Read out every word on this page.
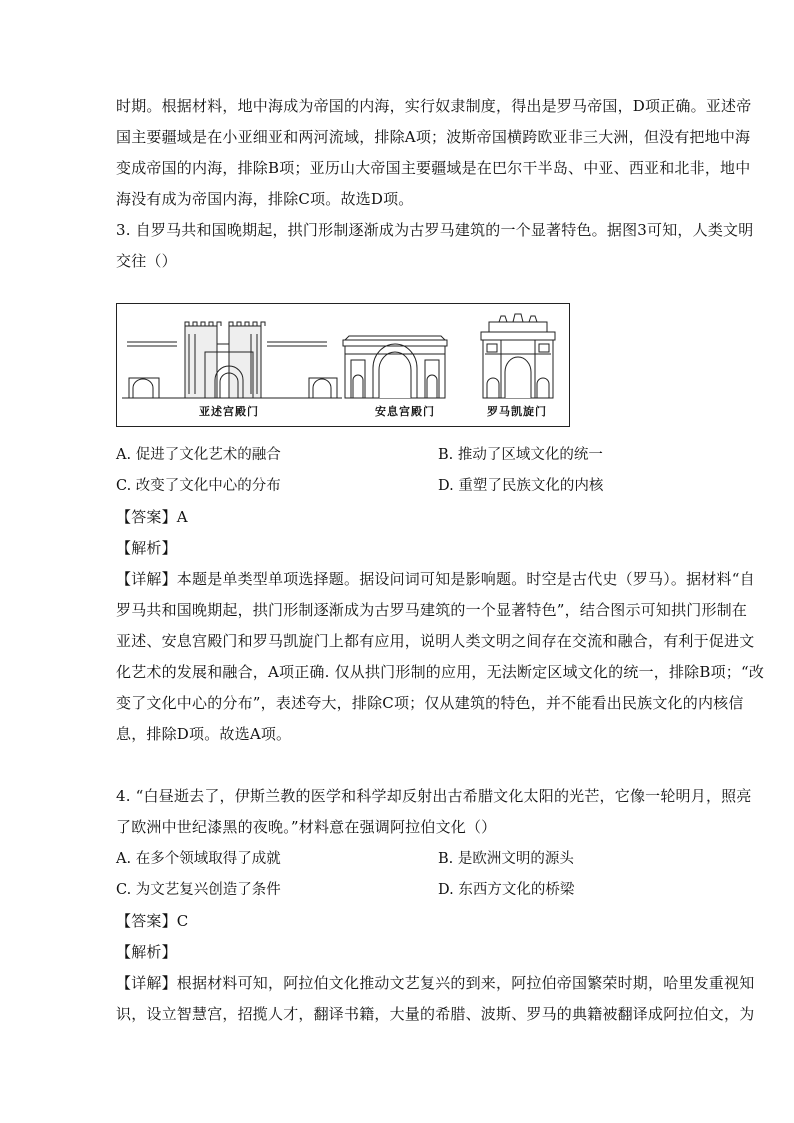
时期。根据材料，地中海成为帝国的内海，实行奴隶制度，得出是罗马帝国，D项正确。亚述帝
国主要疆域是在小亚细亚和两河流域，排除A项；波斯帝国横跨欧亚非三大洲，但没有把地中海
变成帝国的内海，排除B项；亚历山大帝国主要疆域是在巴尔干半岛、中亚、西亚和北非，地中
海没有成为帝国内海，排除C项。故选D项。
3. 自罗马共和国晚期起，拱门形制逐渐成为古罗马建筑的一个显著特色。据图3可知，人类文明
交往（）
亚述宫殿门	安息宫殿门	罗马凯旋门
A. 促进了文化艺术的融合	B. 推动了区域文化的统一
C. 改变了文化中心的分布	D. 重塑了民族文化的内核
【答案】A
【解析】
【详解】本题是单类型单项选择题。据设问词可知是影响题。时空是古代史（罗马）。据材料“自
罗马共和国晚期起，拱门形制逐渐成为古罗马建筑的一个显著特色”，结合图示可知拱门形制在
亚述、安息宫殿门和罗马凯旋门上都有应用，说明人类文明之间存在交流和融合，有利于促进文
化艺术的发展和融合，A项正确. 仅从拱门形制的应用，无法断定区域文化的统一，排除B项；“改
变了文化中心的分布”，表述夸大，排除C项；仅从建筑的特色，并不能看出民族文化的内核信
息，排除D项。故选A项。
4. “白昼逝去了，伊斯兰教的医学和科学却反射出古希腊文化太阳的光芒，它像一轮明月，照亮
了欧洲中世纪漆黑的夜晚。”材料意在强调阿拉伯文化（）
A. 在多个领域取得了成就	B. 是欧洲文明的源头
C. 为文艺复兴创造了条件	D. 东西方文化的桥梁
【答案】C
【解析】
【详解】根据材料可知，阿拉伯文化推动文艺复兴的到来，阿拉伯帝国繁荣时期，哈里发重视知
识，设立智慧宫，招揽人才，翻译书籍，大量的希腊、波斯、罗马的典籍被翻译成阿拉伯文，为
